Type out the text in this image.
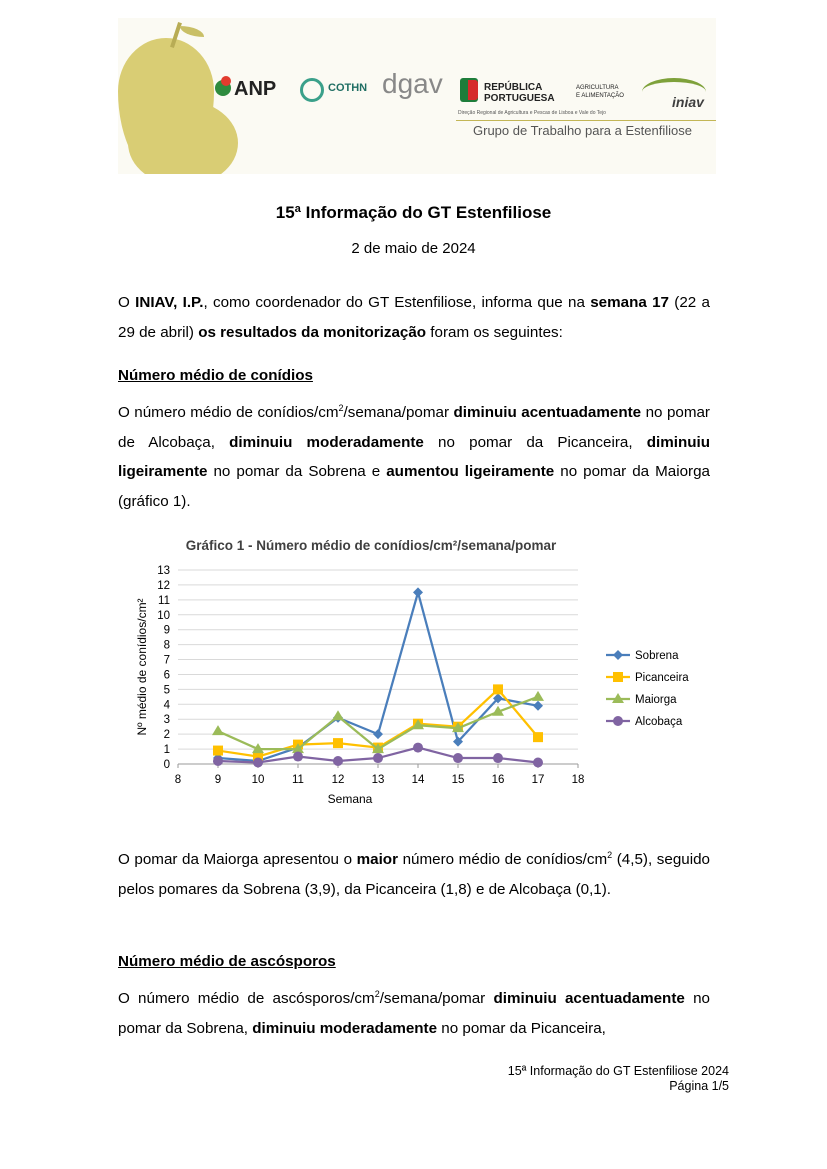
ANP	COTHN dgav	REPÚBLICA
PORTUGUESA
AGRICULTURA
E ALIMENTAÇÃO	iniav
Direção Regional de Agricultura e Pescas de Lisboa e Vale do Tejo
Grupo de Trabalho para a Estenfiliose
15ª Informação do GT Estenfiliose
2 de maio de 2024
O INIAV, I.P., como coordenador do GT Estenfiliose, informa que na semana 17 (22 a 29 de abril) os resultados da monitorização foram os seguintes:
Número médio de conídios
O número médio de conídios/$cm^2/semana$/pomar diminuiu acentuadamente no pomar de Alcobaça, diminuiu moderadamente no pomar da Picanceira, diminuiu ligeiramente no pomar da Sobrena e aumentou ligeiramente no pomar da Maiorga (gráfico 1).
Gráfico 1 - Número médio de conídios/cm²/semana/pomar
0
1
2
3
4
5
6
7
8
9
10
11
12
13
8	9	10 11 12 13 14 15 16 17 18
Semana
Nº médio de conídios/cm²	Sobrena
Picanceira
Maiorga
Alcobaça
O pomar da Maiorga apresentou o maior número médio de conídios/$cm^2$ (4,5), seguido pelos pomares da Sobrena (3,9), da Picanceira (1,8) e de Alcobaça (0,1).
Número médio de ascósporos
O número médio de ascósporos/$cm^2/semana$/pomar diminuiu acentuadamente no pomar da Sobrena, diminuiu moderadamente no pomar da Picanceira,
15ª Informação do GT Estenfiliose 2024
Página 1/5
